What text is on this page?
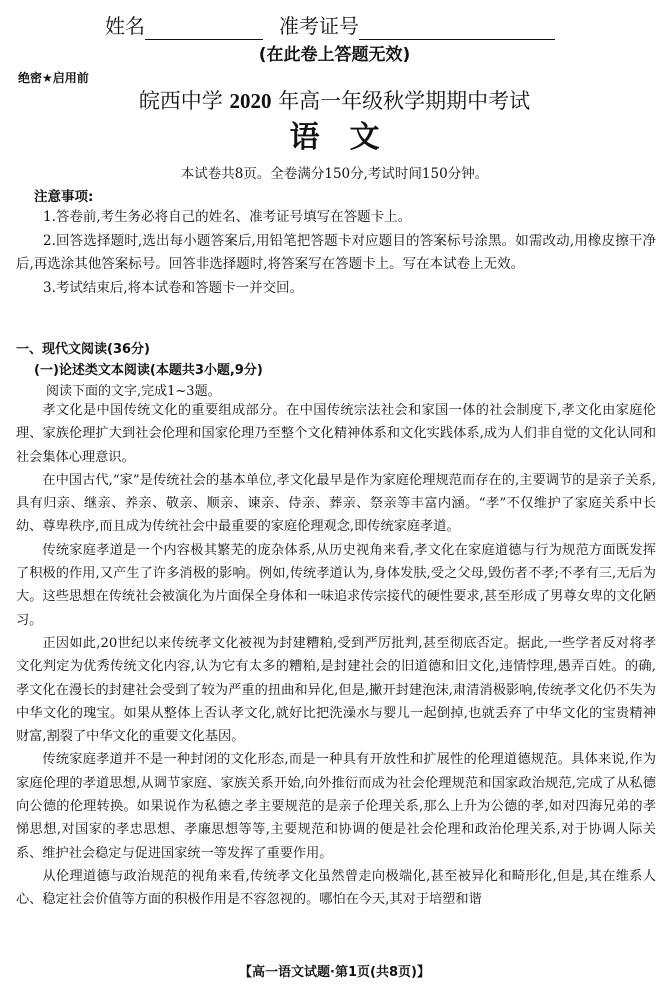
姓名	准考证号
(在此卷上答题无效)
绝密★启用前
皖西中学 2020 年高一年级秋学期期中考试
语文
本试卷共8页。全卷满分150分,考试时间150分钟。
注意事项:

1.答卷前,考生务必将自己的姓名、准考证号填写在答题卡上。

2.回答选择题时,选出每小题答案后,用铅笔把答题卡对应题目的答案标号涂黑。如需改动,用橡皮擦干净后,再选涂其他答案标号。回答非选择题时,将答案写在答题卡上。写在本试卷上无效。

3.考试结束后,将本试卷和答题卡一并交回。

一、现代文阅读(36分)
(一)论述类文本阅读(本题共3小题,9分)
阅读下面的文字,完成1~3题。

孝文化是中国传统文化的重要组成部分。在中国传统宗法社会和家国一体的社会制度下,孝文化由家庭伦理、家族伦理扩大到社会伦理和国家伦理乃至整个文化精神体系和文化实践体系,成为人们非自觉的文化认同和社会集体心理意识。

在中国古代,“家”是传统社会的基本单位,孝文化最早是作为家庭伦理规范而存在的,主要调节的是亲子关系,具有归亲、继亲、养亲、敬亲、顺亲、谏亲、侍亲、葬亲、祭亲等丰富内涵。“孝”不仅维护了家庭关系中长幼、尊卑秩序,而且成为传统社会中最重要的家庭伦理观念,即传统家庭孝道。

传统家庭孝道是一个内容极其繁芜的庞杂体系,从历史视角来看,孝文化在家庭道德与行为规范方面既发挥了积极的作用,又产生了许多消极的影响。例如,传统孝道认为,身体发肤,受之父母,毁伤者不孝;不孝有三,无后为大。这些思想在传统社会被演化为片面保全身体和一味追求传宗接代的硬性要求,甚至形成了男尊女卑的文化陋习。

正因如此,20世纪以来传统孝文化被视为封建糟粕,受到严厉批判,甚至彻底否定。据此,一些学者反对将孝文化判定为优秀传统文化内容,认为它有太多的糟粕,是封建社会的旧道德和旧文化,违情悖理,愚弄百姓。的确,孝文化在漫长的封建社会受到了较为严重的扭曲和异化,但是,撇开封建泡沫,肃清消极影响,传统孝文化仍不失为中华文化的瑰宝。如果从整体上否认孝文化,就好比把洗澡水与婴儿一起倒掉,也就丢弃了中华文化的宝贵精神财富,割裂了中华文化的重要文化基因。

传统家庭孝道并不是一种封闭的文化形态,而是一种具有开放性和扩展性的伦理道德规范。具体来说,作为家庭伦理的孝道思想,从调节家庭、家族关系开始,向外推衍而成为社会伦理规范和国家政治规范,完成了从私德向公德的伦理转换。如果说作为私德之孝主要规范的是亲子伦理关系,那么上升为公德的孝,如对四海兄弟的孝悌思想,对国家的孝忠思想、孝廉思想等等,主要规范和协调的便是社会伦理和政治伦理关系,对于协调人际关系、维护社会稳定与促进国家统一等发挥了重要作用。

从伦理道德与政治规范的视角来看,传统孝文化虽然曾走向极端化,甚至被异化和畸形化,但是,其在维系人心、稳定社会价值等方面的积极作用是不容忽视的。哪怕在今天,其对于培塑和谐

【高一语文试题·第1页(共8页)】
